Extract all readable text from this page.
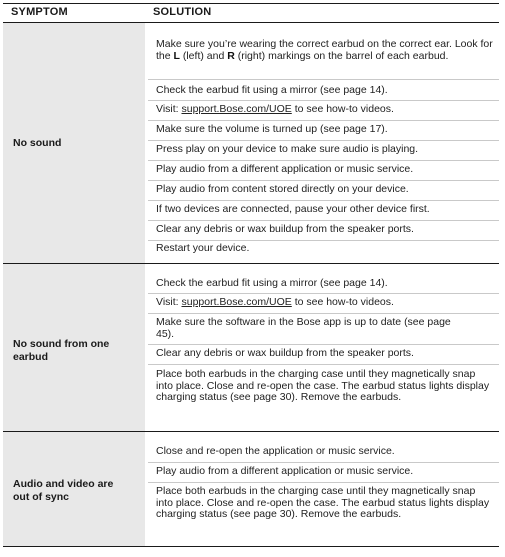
SYMPTOM	SOLUTION
No sound
Make sure you’re wearing the correct earbud on the correct ear. Look for the L (left) and R (right) markings on the barrel of each earbud.
Check the earbud fit using a mirror (see page 14).
Visit: support.Bose.com/UOE to see how-to videos.
Make sure the volume is turned up (see page 17).
Press play on your device to make sure audio is playing.
Play audio from a different application or music service.
Play audio from content stored directly on your device.
If two devices are connected, pause your other device first.
Clear any debris or wax buildup from the speaker ports.
Restart your device.
No sound from one earbud
Check the earbud fit using a mirror (see page 14).
Visit: support.Bose.com/UOE to see how-to videos.
Make sure the software in the Bose app is up to date (see page 45).
Clear any debris or wax buildup from the speaker ports.
Place both earbuds in the charging case until they magnetically snap into place. Close and re-open the case. The earbud status lights display charging status (see page 30). Remove the earbuds.
Audio and video are out of sync
Close and re-open the application or music service.
Play audio from a different application or music service.
Place both earbuds in the charging case until they magnetically snap into place. Close and re-open the case. The earbud status lights display charging status (see page 30). Remove the earbuds.
